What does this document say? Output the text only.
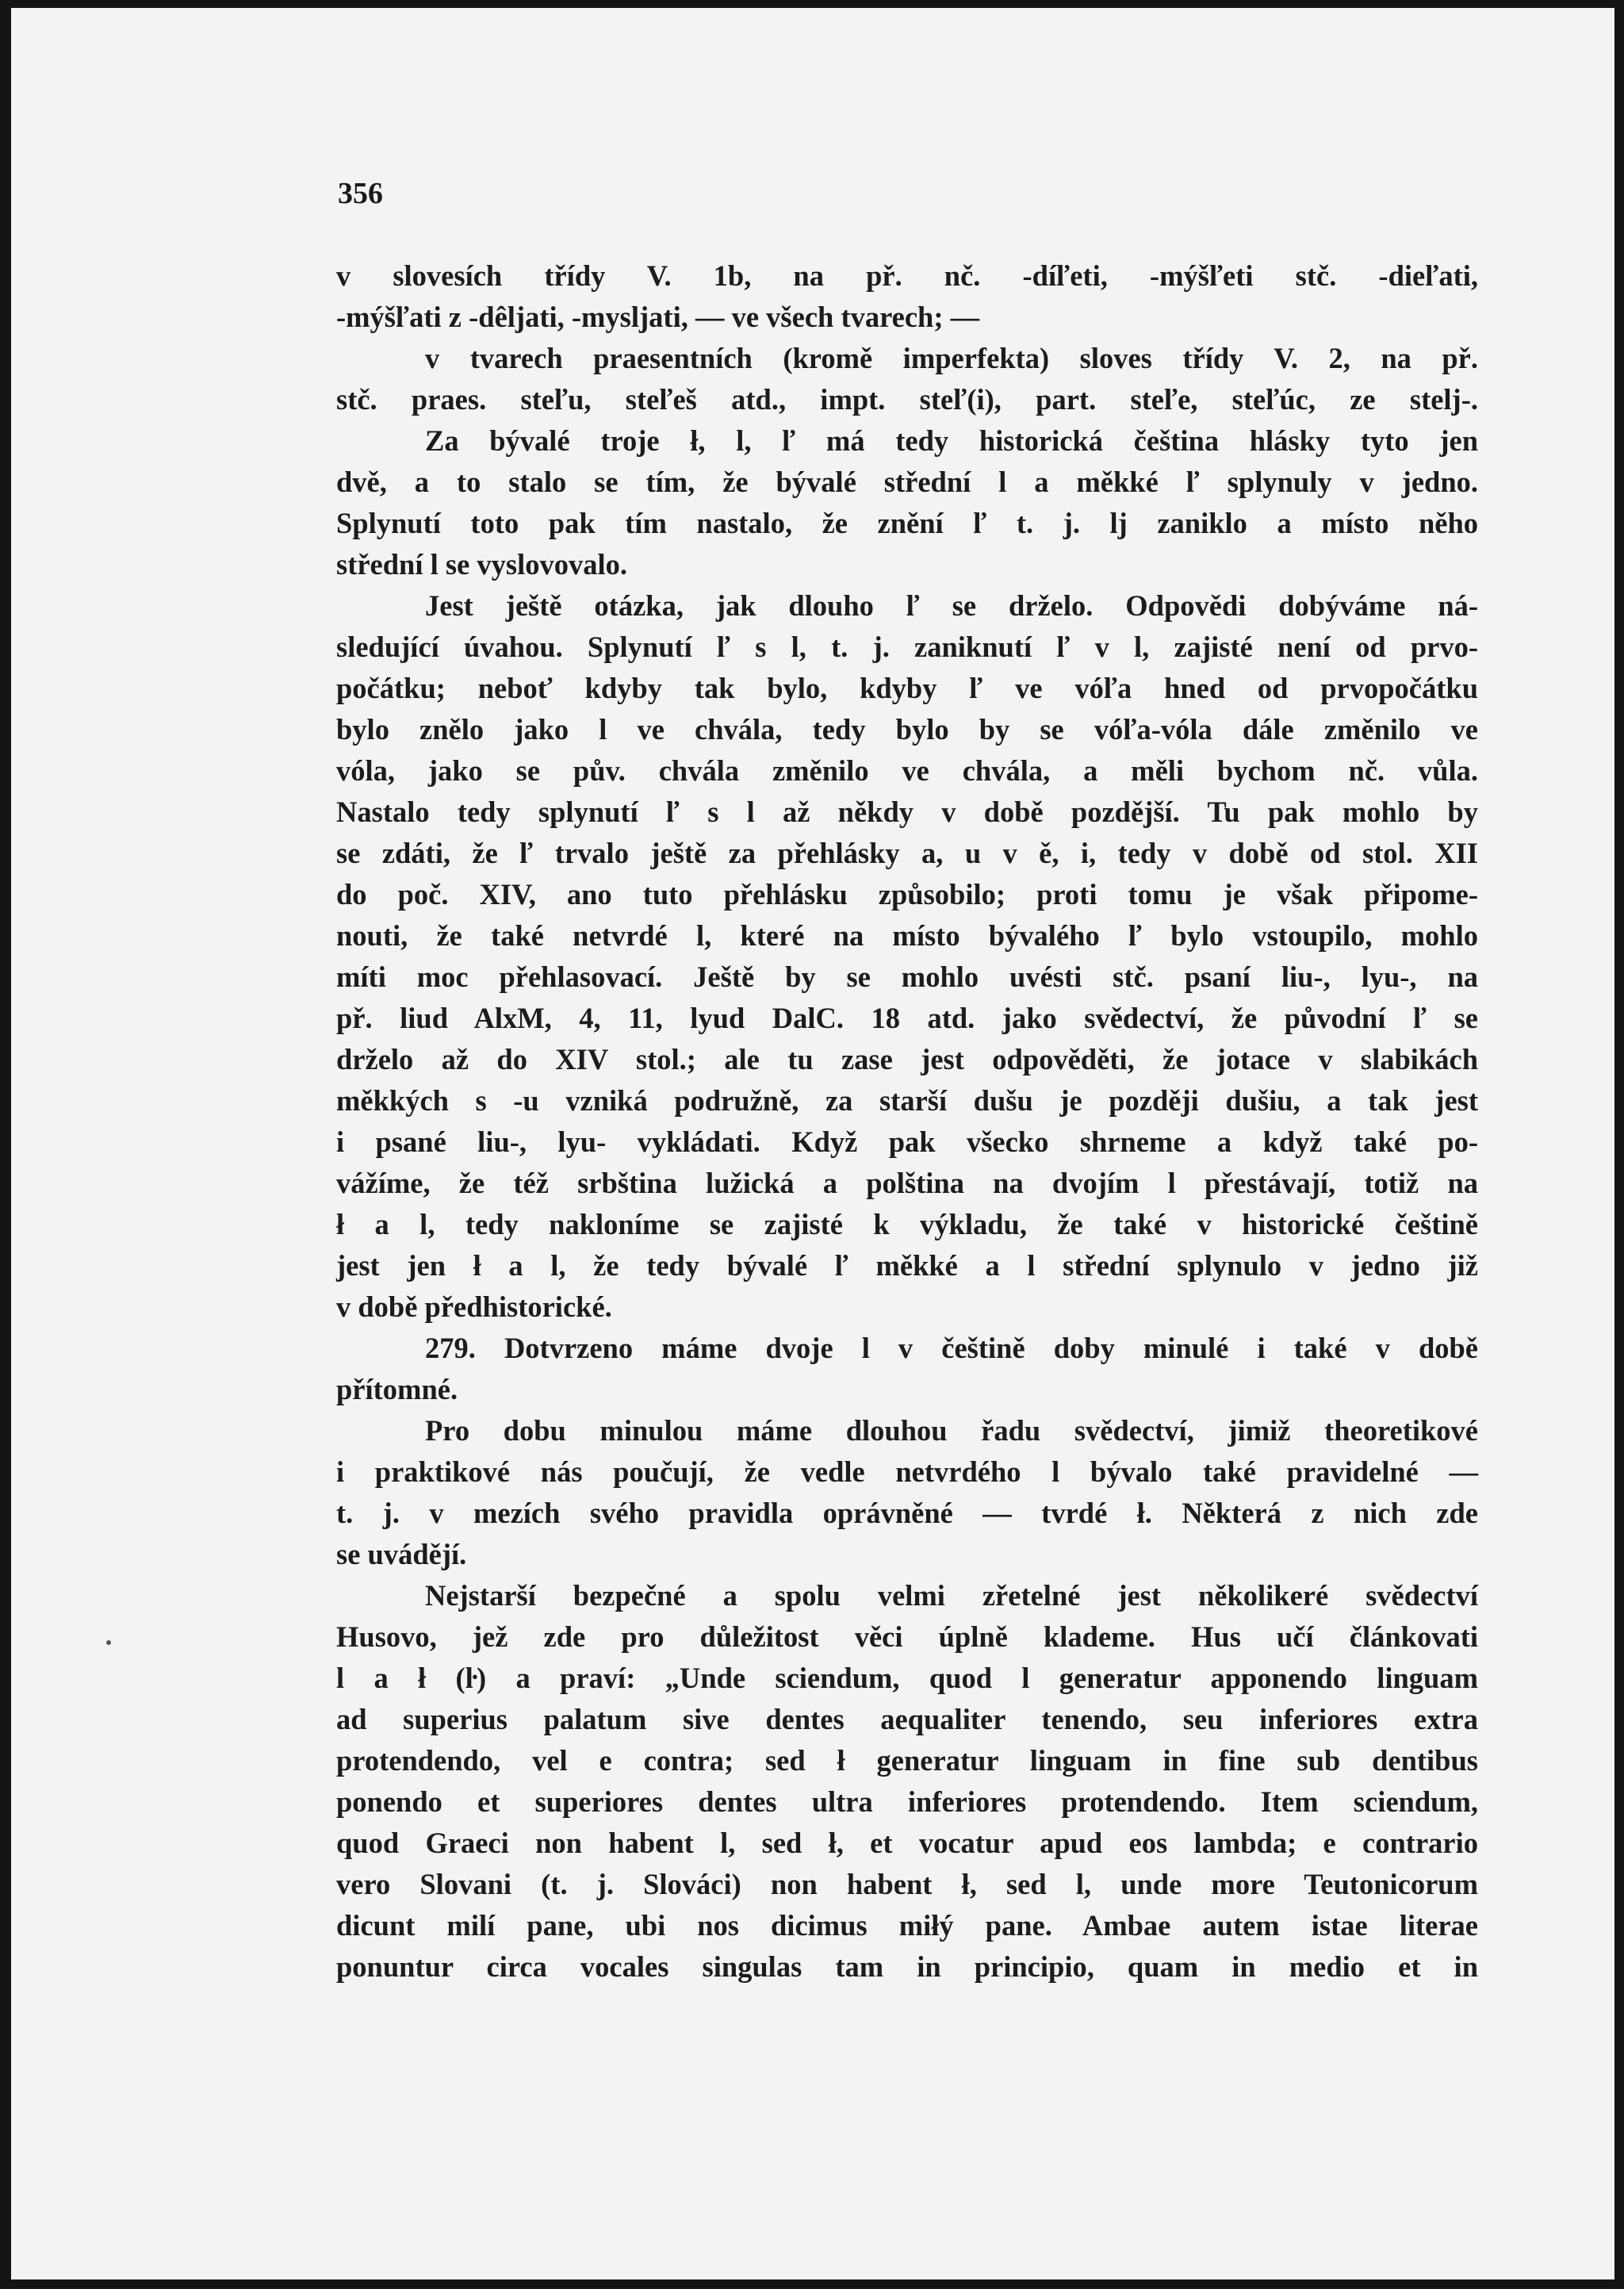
356

v slovesích třídy V. 1b, na př. nč. -díľeti, -mýšľeti stč. -dieľati,

-mýšľati z -dêljati, -mysljati, — ve všech tvarech; —

v tvarech praesentních (kromě imperfekta) sloves třídy V. 2, na př.

stč. praes. steľu, steľeš atd., impt. steľ(i), part. steľe, steľúc, ze stelj-.

Za bývalé troje ł, l, ľ má tedy historická čeština hlásky tyto jen

dvě, a to stalo se tím, že bývalé střední l a měkké ľ splynuly v jedno.

Splynutí toto pak tím nastalo, že znění ľ t. j. lj zaniklo a místo něho

střední l se vyslovovalo.

Jest ještě otázka, jak dlouho ľ se drželo. Odpovědi dobýváme ná-

sledující úvahou. Splynutí ľ s l, t. j. zaniknutí ľ v l, zajisté není od prvo-

počátku; neboť kdyby tak bylo, kdyby ľ ve vóľa hned od prvopočátku

bylo znělo jako l ve chvála, tedy bylo by se vóľa-vóla dále změnilo ve

vóla, jako se pův. chvála změnilo ve chvála, a měli bychom nč. vůla.

Nastalo tedy splynutí ľ s l až někdy v době pozdější. Tu pak mohlo by

se zdáti, že ľ trvalo ještě za přehlásky a, u v ě, i, tedy v době od stol. XII

do poč. XIV, ano tuto přehlásku způsobilo; proti tomu je však připome-

nouti, že také netvrdé l, které na místo bývalého ľ bylo vstoupilo, mohlo

míti moc přehlasovací. Ještě by se mohlo uvésti stč. psaní liu-, lyu-, na

př. liud AlxM, 4, 11, lyud DalC. 18 atd. jako svědectví, že původní ľ se

drželo až do XIV stol.; ale tu zase jest odpověděti, že jotace v slabikách

měkkých s -u vzniká podružně, za starší dušu je později dušiu, a tak jest

i psané liu-, lyu- vykládati. Když pak všecko shrneme a když také po-

vážíme, že též srbština lužická a polština na dvojím l přestávají, totiž na

ł a l, tedy nakloníme se zajisté k výkladu, že také v historické češtině

jest jen ł a l, že tedy bývalé ľ měkké a l střední splynulo v jedno již

v době předhistorické.

279. Dotvrzeno máme dvoje l v češtině doby minulé i také v době

přítomné.

Pro dobu minulou máme dlouhou řadu svědectví, jimiž theoretikové

i praktikové nás poučují, že vedle netvrdého l bývalo také pravidelné —

t. j. v mezích svého pravidla oprávněné — tvrdé ł. Některá z nich zde

se uvádějí.

Nejstarší bezpečné a spolu velmi zřetelné jest několikeré svědectví

Husovo, jež zde pro důležitost věci úplně klademe. Hus učí článkovati

l a ł (ŀ) a praví: „Unde sciendum, quod l generatur apponendo linguam

ad superius palatum sive dentes aequaliter tenendo, seu inferiores extra

protendendo, vel e contra; sed ł generatur linguam in fine sub dentibus

ponendo et superiores dentes ultra inferiores protendendo. Item sciendum,

quod Graeci non habent l, sed ł, et vocatur apud eos lambda; e contrario

vero Slovani (t. j. Slováci) non habent ł, sed l, unde more Teutonicorum

dicunt milí pane, ubi nos dicimus miłý pane. Ambae autem istae literae

ponuntur circa vocales singulas tam in principio, quam in medio et in
